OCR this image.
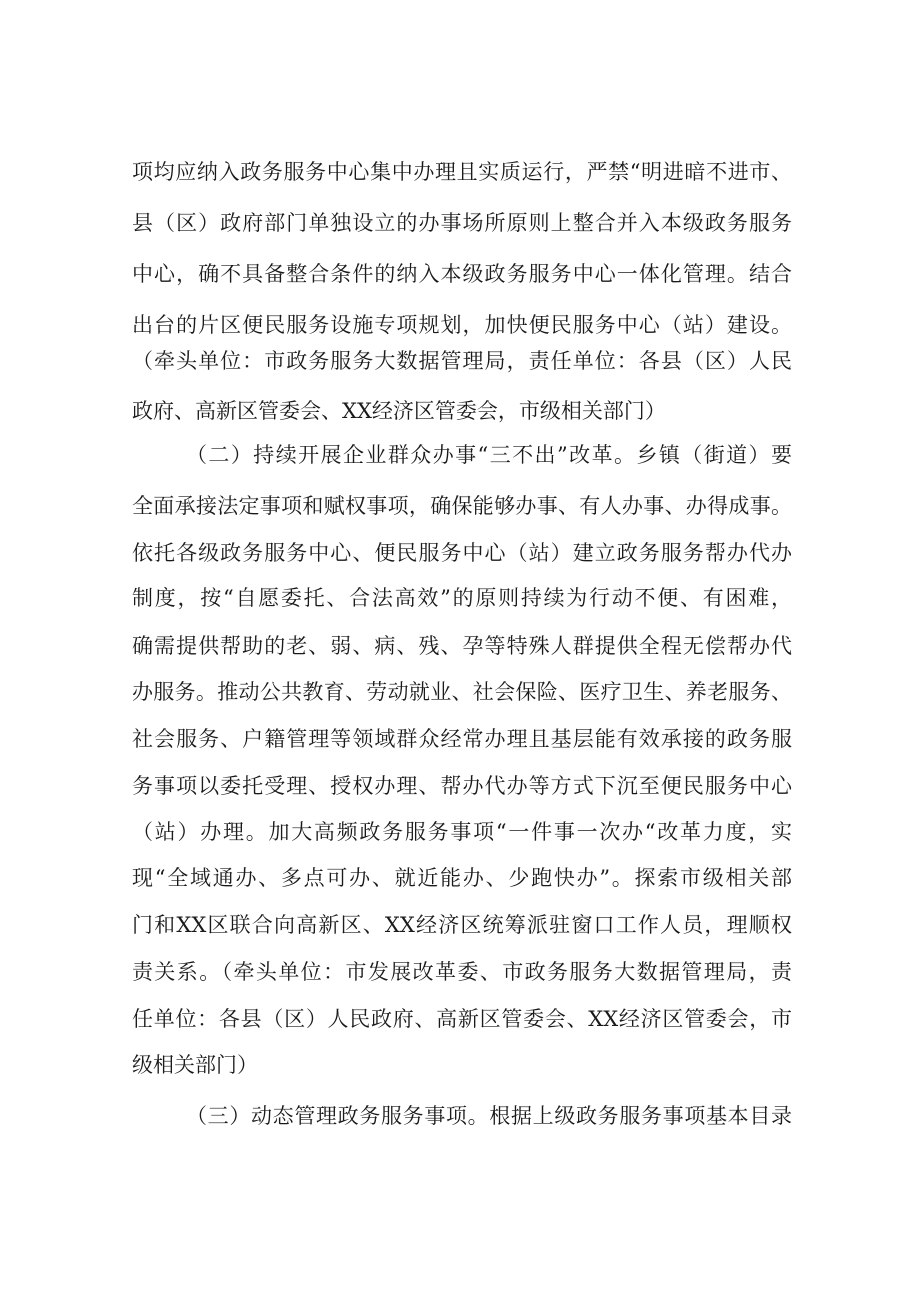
项均应纳入政务服务中心集中办理且实质运行，严禁“明进暗不进市、
县（区）政府部门单独设立的办事场所原则上整合并入本级政务服务
中心，确不具备整合条件的纳入本级政务服务中心一体化管理。结合
出台的片区便民服务设施专项规划，加快便民服务中心（站）建设。
（牵头单位：市政务服务大数据管理局，责任单位：各县（区）人民
政府、高新区管委会、XX经济区管委会，市级相关部门）
（二）持续开展企业群众办事“三不出”改革。乡镇（街道）要
全面承接法定事项和赋权事项，确保能够办事、有人办事、办得成事。
依托各级政务服务中心、便民服务中心（站）建立政务服务帮办代办
制度，按“自愿委托、合法高效”的原则持续为行动不便、有困难，
确需提供帮助的老、弱、病、残、孕等特殊人群提供全程无偿帮办代
办服务。推动公共教育、劳动就业、社会保险、医疗卫生、养老服务、
社会服务、户籍管理等领域群众经常办理且基层能有效承接的政务服
务事项以委托受理、授权办理、帮办代办等方式下沉至便民服务中心
（站）办理。加大高频政务服务事项“一件事一次办“改革力度，实
现“全域通办、多点可办、就近能办、少跑快办”。探索市级相关部
门和XX区联合向高新区、XX经济区统筹派驻窗口工作人员，理顺权
责关系。（牵头单位：市发展改革委、市政务服务大数据管理局，责
任单位：各县（区）人民政府、高新区管委会、XX经济区管委会，市
级相关部门）
（三）动态管理政务服务事项。根据上级政务服务事项基本目录
